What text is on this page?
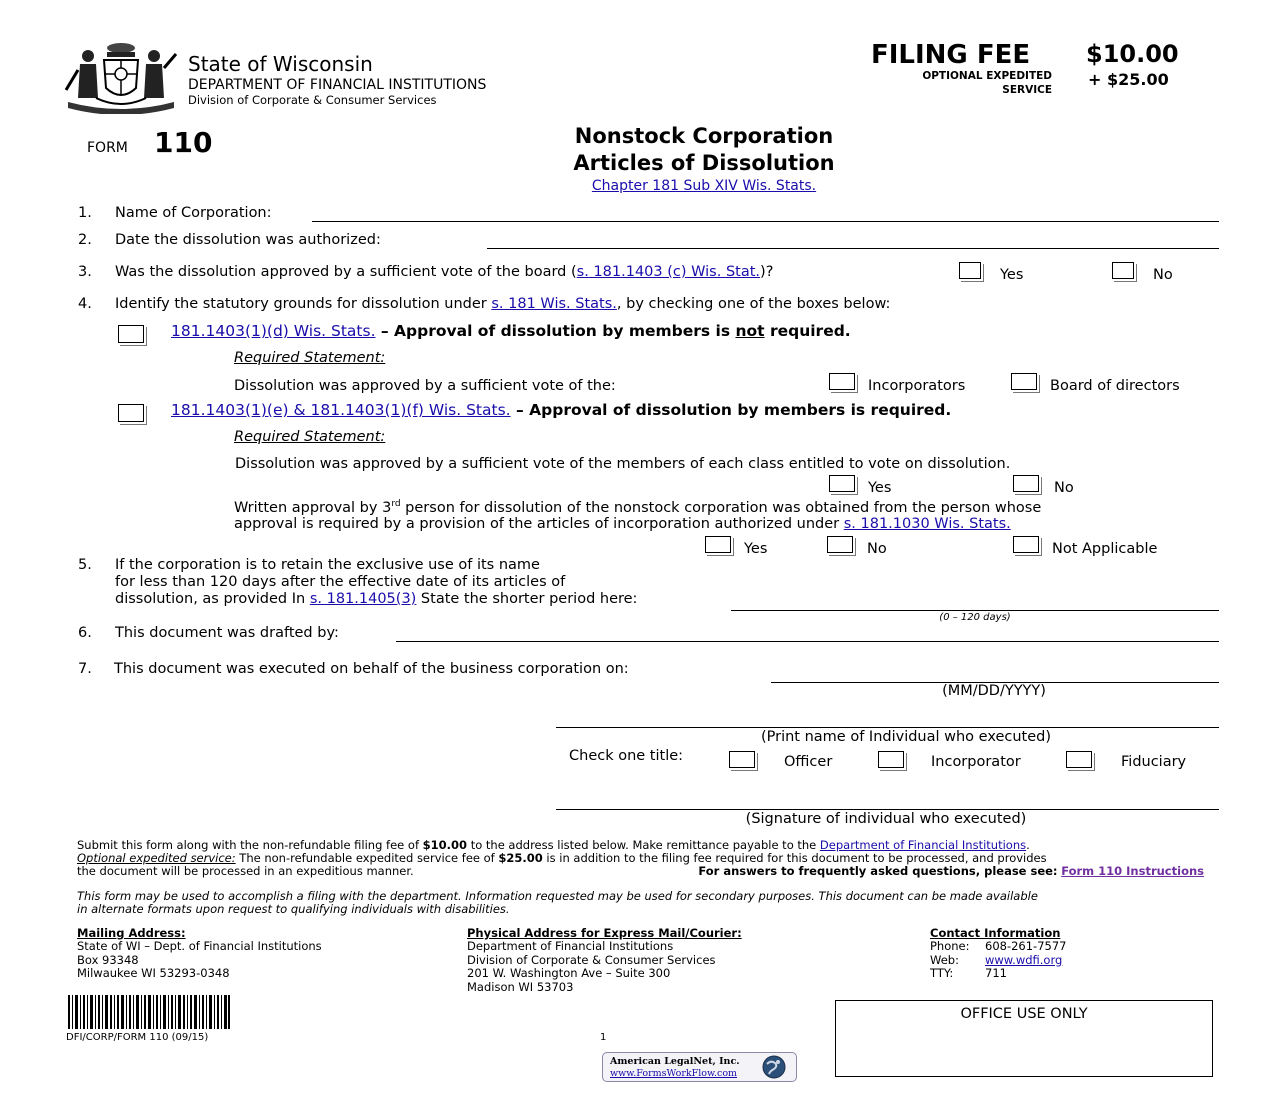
State of Wisconsin
DEPARTMENT OF FINANCIAL INSTITUTIONS
Division of Corporate & Consumer Services
FILING FEE $10.00
OPTIONAL EXPEDITED
SERVICE
+ $25.00
FORM 110	Nonstock Corporation
Articles of Dissolution
Chapter 181 Sub XIV Wis. Stats.
1. Name of Corporation:
2. Date the dissolution was authorized:
3. Was the dissolution approved by a sufficient vote of the board (s. 181.1403 (c) Wis. Stat.)?	Yes	No
4. Identify the statutory grounds for dissolution under s. 181 Wis. Stats., by checking one of the boxes below:
181.1403(1)(d) Wis. Stats. – Approval of dissolution by members is not required.
Required Statement:
Dissolution was approved by a sufficient vote of the:	Incorporators	Board of directors
181.1403(1)(e) & 181.1403(1)(f) Wis. Stats. – Approval of dissolution by members is required.
Required Statement:
Dissolution was approved by a sufficient vote of the members of each class entitled to vote on dissolution.
Yes	No
Written approval by 3rd person for dissolution of the nonstock corporation was obtained from the person whose
approval is required by a provision of the articles of incorporation authorized under s. 181.1030 Wis. Stats.
Yes	No	Not Applicable
5. If the corporation is to retain the exclusive use of its name
for less than 120 days after the effective date of its articles of
dissolution, as provided In s. 181.1405(3) State the shorter period here:
(0 – 120 days)
6. This document was drafted by:
7. This document was executed on behalf of the business corporation on:
(MM/DD/YYYY)
(Print name of Individual who executed)
Check one title:	Officer	Incorporator	Fiduciary
(Signature of individual who executed)
Submit this form along with the non-refundable filing fee of $10.00 to the address listed below. Make remittance payable to the Department of Financial Institutions.
Optional expedited service: The non-refundable expedited service fee of $25.00 is in addition to the filing fee required for this document to be processed, and provides
the document will be processed in an expeditious manner.	For answers to frequently asked questions, please see: Form 110 Instructions
This form may be used to accomplish a filing with the department. Information requested may be used for secondary purposes. This document can be made available
in alternate formats upon request to qualifying individuals with disabilities.
Mailing Address:
State of WI – Dept. of Financial Institutions
Box 93348
Milwaukee WI 53293-0348
Physical Address for Express Mail/Courier:
Department of Financial Institutions
Division of Corporate & Consumer Services
201 W. Washington Ave – Suite 300
Madison WI 53703
Contact Information
Phone: 608-261-7577
Web: www.wdfi.org
TTY:	711
DFI/CORP/FORM 110 (09/15)	1
OFFICE USE ONLY
American LegalNet, Inc.
www.FormsWorkFlow.com
